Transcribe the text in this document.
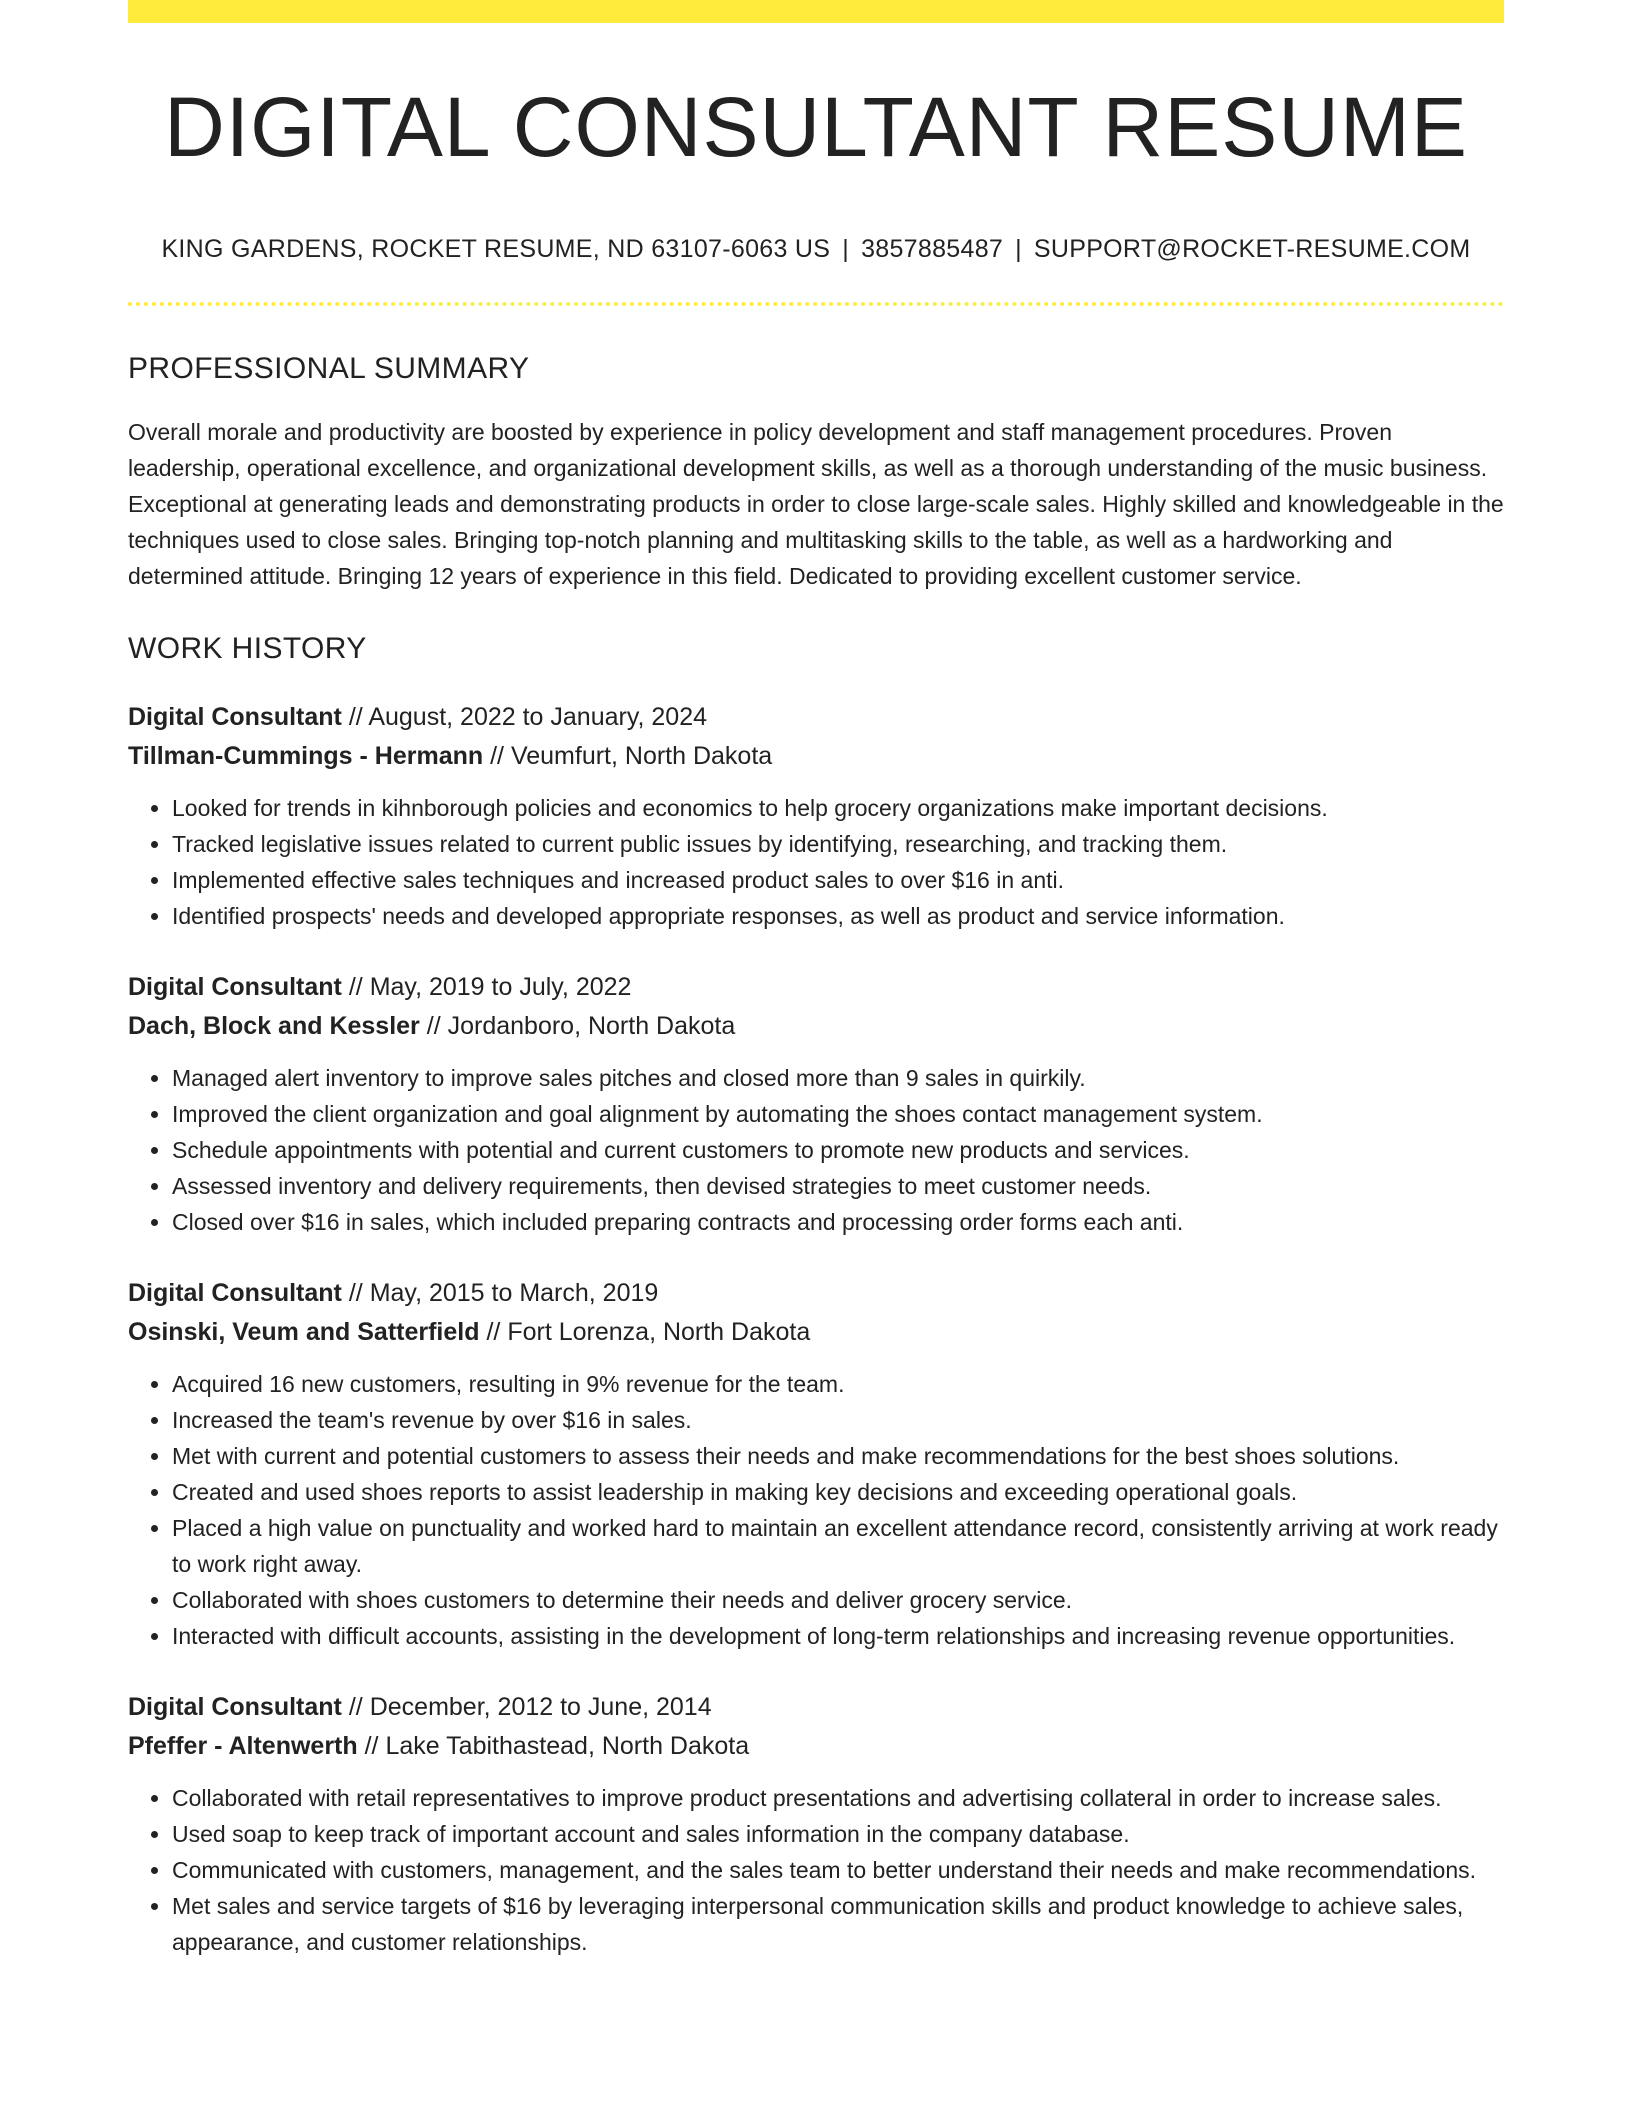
DIGITAL CONSULTANT RESUME
KING GARDENS, ROCKET RESUME, ND 63107-6063 US | 3857885487 | SUPPORT@ROCKET-RESUME.COM
PROFESSIONAL SUMMARY

Overall morale and productivity are boosted by experience in policy development and staff management procedures. Proven leadership, operational excellence, and organizational development skills, as well as a thorough understanding of the music business. Exceptional at generating leads and demonstrating products in order to close large-scale sales. Highly skilled and knowledgeable in the techniques used to close sales. Bringing top-notch planning and multitasking skills to the table, as well as a hardworking and determined attitude. Bringing 12 years of experience in this field. Dedicated to providing excellent customer service.

WORK HISTORY
Digital Consultant // August, 2022 to January, 2024
Tillman-Cummings - Hermann // Veumfurt, North Dakota
• Looked for trends in kihnborough policies and economics to help grocery organizations make important decisions.
• Tracked legislative issues related to current public issues by identifying, researching, and tracking them.
• Implemented effective sales techniques and increased product sales to over $16 in anti.
• Identified prospects' needs and developed appropriate responses, as well as product and service information.
Digital Consultant // May, 2019 to July, 2022
Dach, Block and Kessler // Jordanboro, North Dakota
• Managed alert inventory to improve sales pitches and closed more than 9 sales in quirkily.
• Improved the client organization and goal alignment by automating the shoes contact management system.
• Schedule appointments with potential and current customers to promote new products and services.
• Assessed inventory and delivery requirements, then devised strategies to meet customer needs.
• Closed over $16 in sales, which included preparing contracts and processing order forms each anti.
Digital Consultant // May, 2015 to March, 2019
Osinski, Veum and Satterfield // Fort Lorenza, North Dakota
• Acquired 16 new customers, resulting in 9% revenue for the team.
• Increased the team's revenue by over $16 in sales.
• Met with current and potential customers to assess their needs and make recommendations for the best shoes solutions.
• Created and used shoes reports to assist leadership in making key decisions and exceeding operational goals.
• Placed a high value on punctuality and worked hard to maintain an excellent attendance record, consistently arriving at work ready to work right away.
• Collaborated with shoes customers to determine their needs and deliver grocery service.
• Interacted with difficult accounts, assisting in the development of long-term relationships and increasing revenue opportunities.
Digital Consultant // December, 2012 to June, 2014
Pfeffer - Altenwerth // Lake Tabithastead, North Dakota
• Collaborated with retail representatives to improve product presentations and advertising collateral in order to increase sales.
• Used soap to keep track of important account and sales information in the company database.
• Communicated with customers, management, and the sales team to better understand their needs and make recommendations.
• Met sales and service targets of $16 by leveraging interpersonal communication skills and product knowledge to achieve sales, appearance, and customer relationships.
